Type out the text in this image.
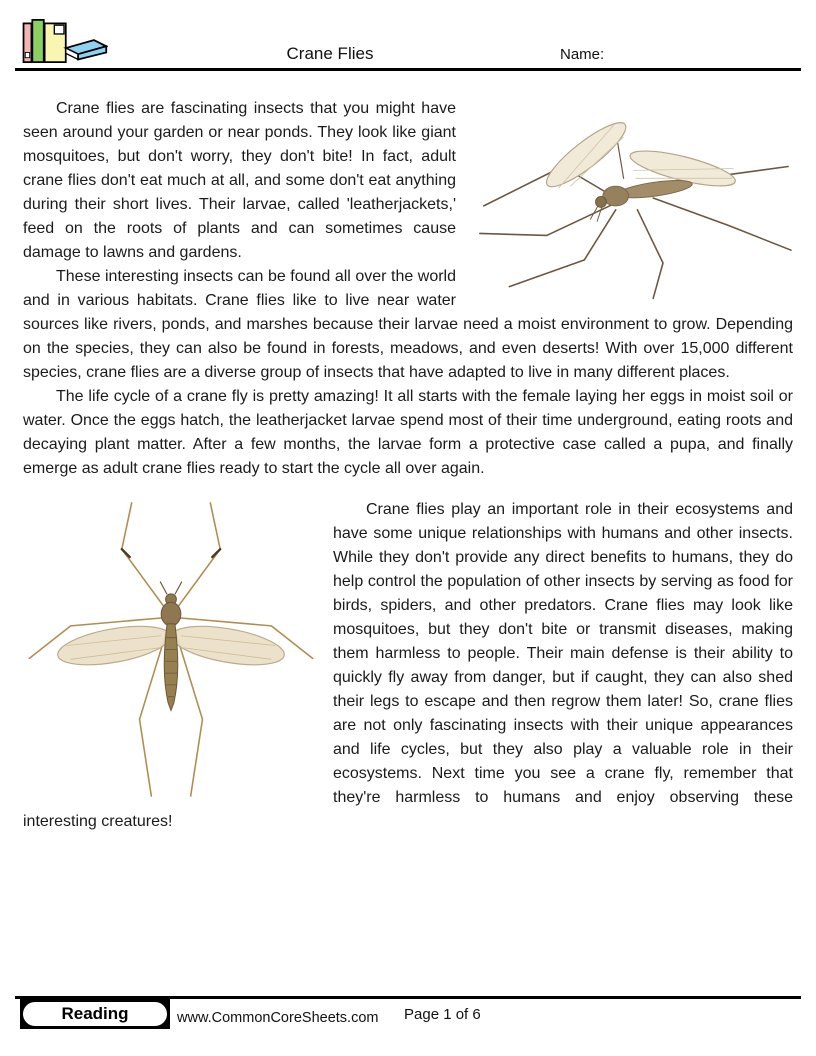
Crane Flies	Name:

Crane flies are fascinating insects that you might have seen around your garden or near ponds. They look like giant mosquitoes, but don't worry, they don't bite! In fact, adult crane flies don't eat much at all, and some don't eat anything during their short lives. Their larvae, called 'leatherjackets,' feed on the roots of plants and can sometimes cause damage to lawns and gardens.

These interesting insects can be found all over the world and in various habitats. Crane flies like to live near water sources like rivers, ponds, and marshes because their larvae need a moist environment to grow. Depending on the species, they can also be found in forests, meadows, and even deserts! With over 15,000 different species, crane flies are a diverse group of insects that have adapted to live in many different places.

The life cycle of a crane fly is pretty amazing! It all starts with the female laying her eggs in moist soil or water. Once the eggs hatch, the leatherjacket larvae spend most of their time underground, eating roots and decaying plant matter. After a few months, the larvae form a protective case called a pupa, and finally emerge as adult crane flies ready to start the cycle all over again.

Crane flies play an important role in their ecosystems and have some unique relationships with humans and other insects. While they don't provide any direct benefits to humans, they do help control the population of other insects by serving as food for birds, spiders, and other predators. Crane flies may look like mosquitoes, but they don't bite or transmit diseases, making them harmless to people. Their main defense is their ability to quickly fly away from danger, but if caught, they can also shed their legs to escape and then regrow them later! So, crane flies are not only fascinating insects with their unique appearances and life cycles, but they also play a valuable role in their ecosystems. Next time you see a crane fly, remember that they're harmless to humans and enjoy observing these interesting creatures!

Reading	www.CommonCoreSheets.com Page 1 of 6
